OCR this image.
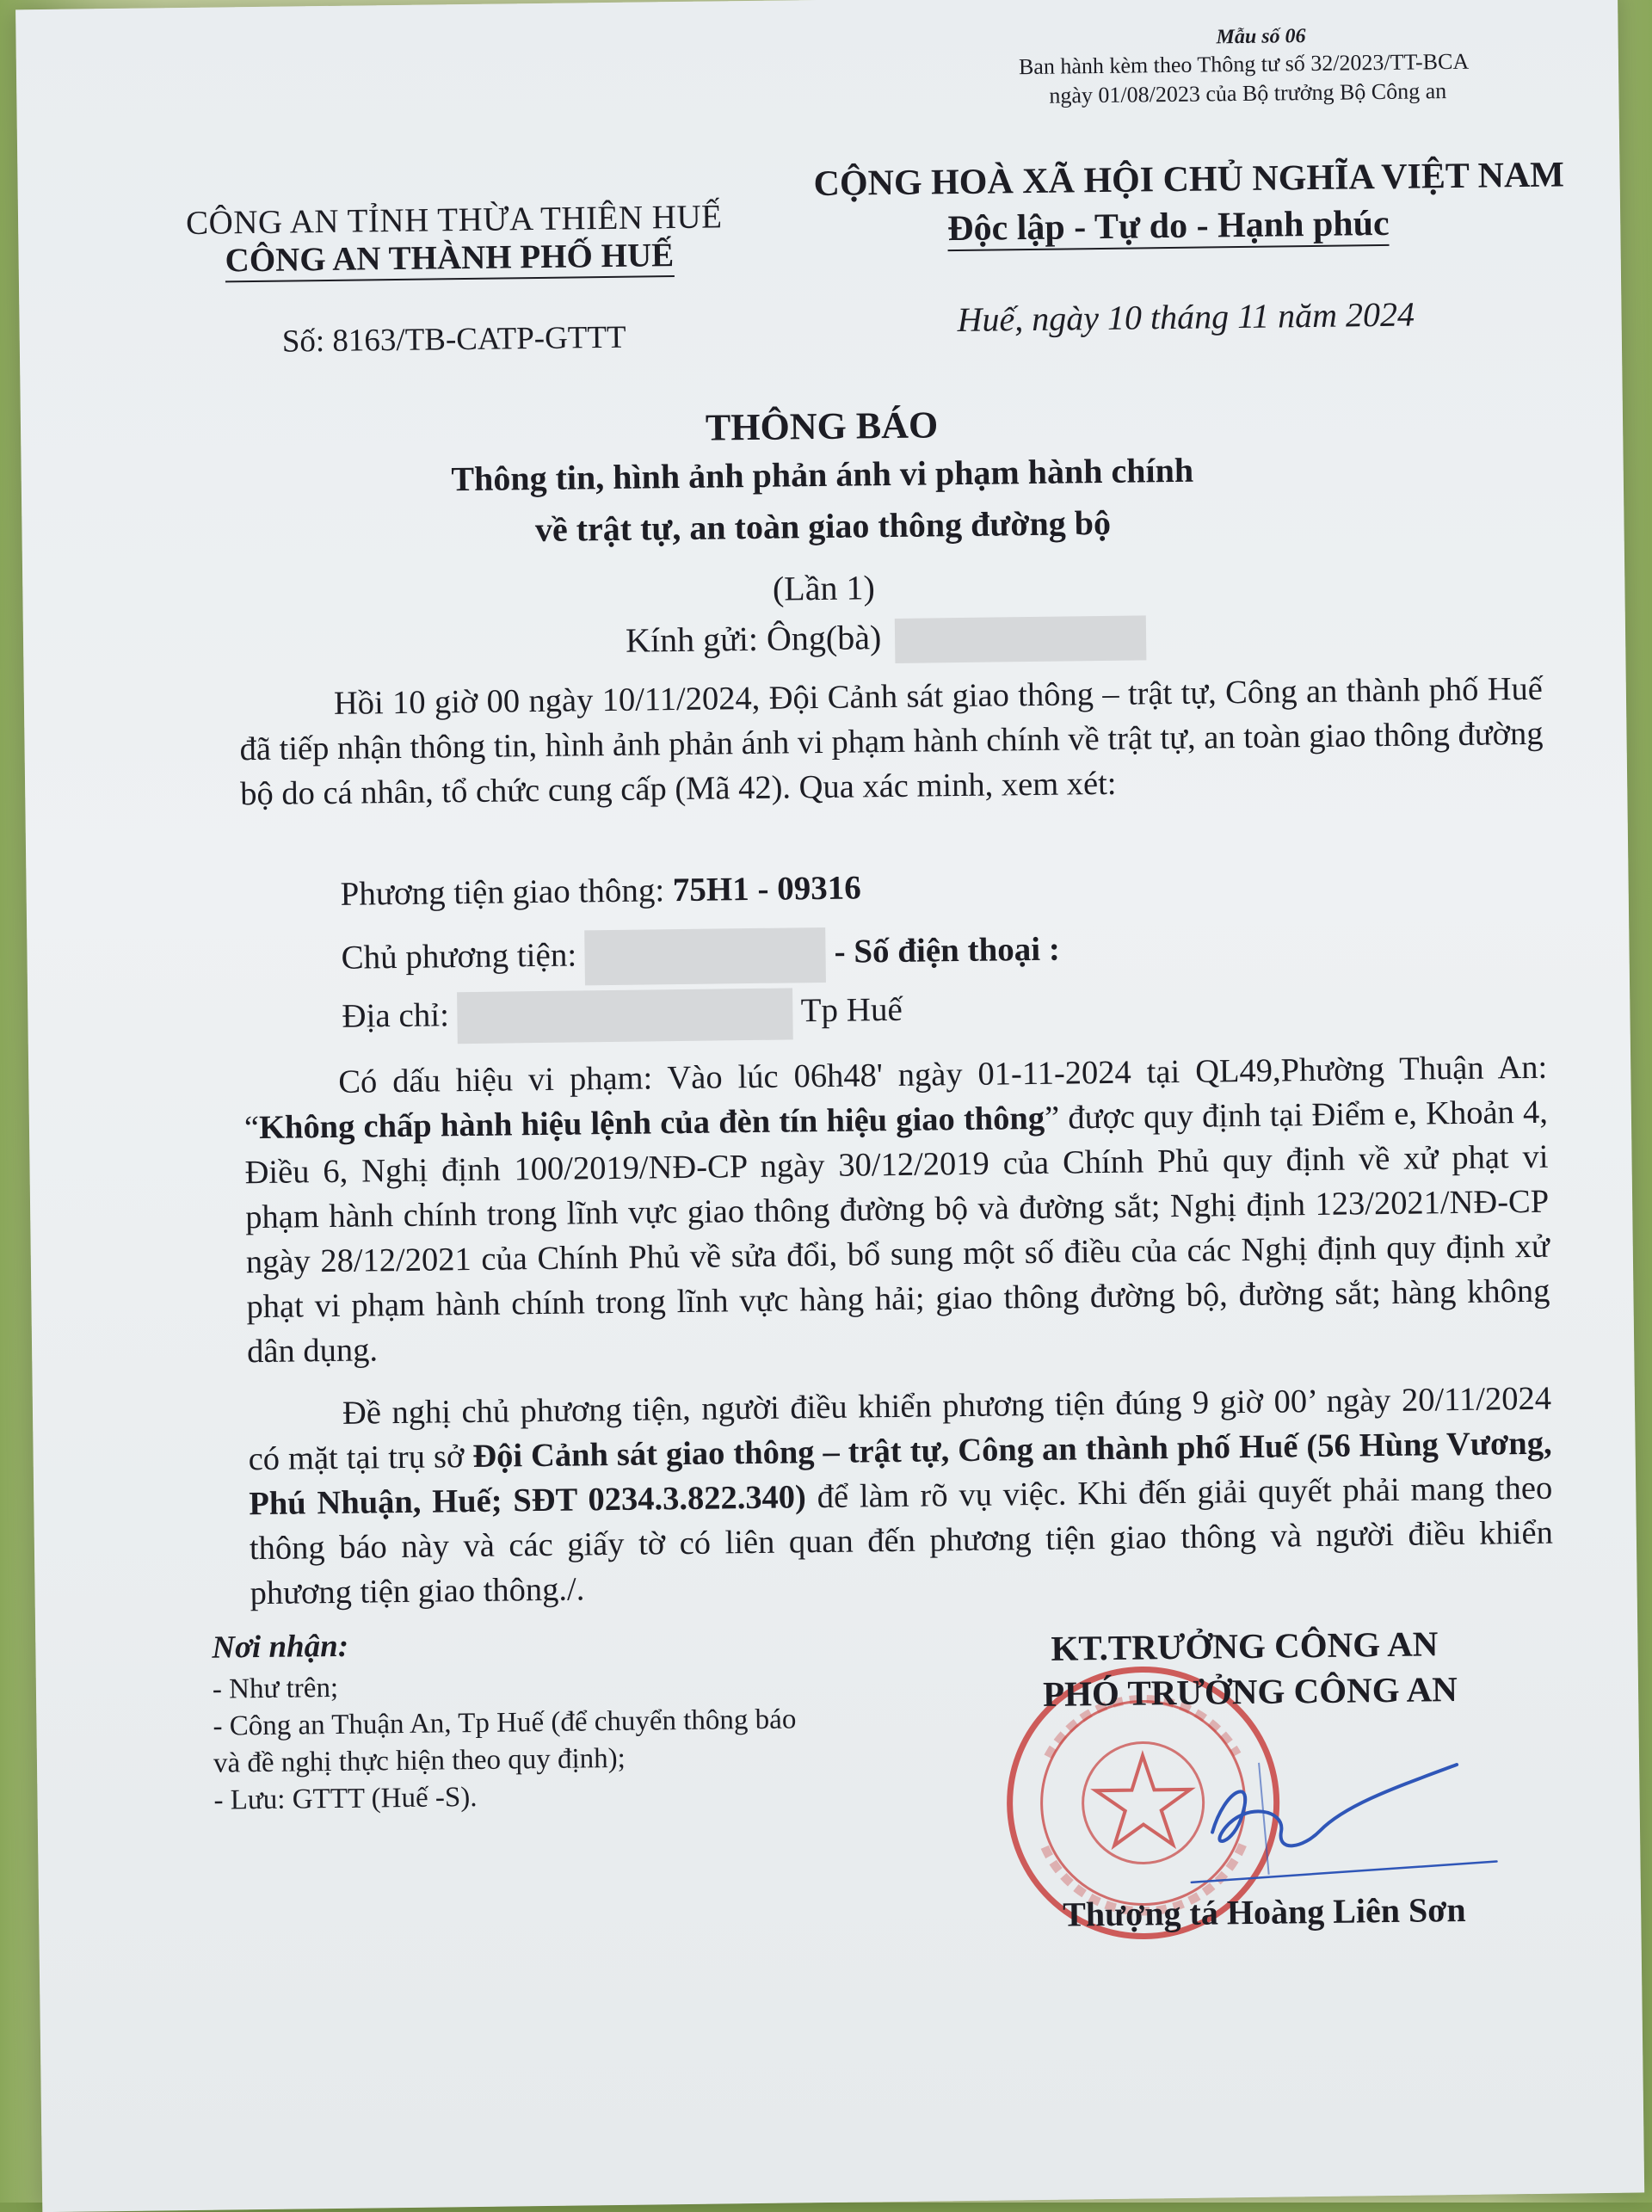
Mẫu số 06
Ban hành kèm theo Thông tư số 32/2023/TT-BCA
ngày 01/08/2023 của Bộ trưởng Bộ Công an
CÔNG AN TỈNH THỪA THIÊN HUẾ
CÔNG AN THÀNH PHỐ HUẾ
CỘNG HOÀ XÃ HỘI CHỦ NGHĨA VIỆT NAM
Độc lập - Tự do - Hạnh phúc
Số: 8163/TB-CATP-GTTT
Huế, ngày 10 tháng 11 năm 2024
THÔNG BÁO
Thông tin, hình ảnh phản ánh vi phạm hành chính
về trật tự, an toàn giao thông đường bộ
(Lần 1)
Kính gửi: Ông(bà)
Hồi 10 giờ 00 ngày 10/11/2024, Đội Cảnh sát giao thông – trật tự, Công an thành phố Huế đã tiếp nhận thông tin, hình ảnh phản ánh vi phạm hành chính về trật tự, an toàn giao thông đường bộ do cá nhân, tổ chức cung cấp (Mã 42). Qua xác minh, xem xét:
Phương tiện giao thông: 75H1 - 09316
Chủ phương tiện:	- Số điện thoại :
Địa chỉ:	Tp Huế
Có dấu hiệu vi phạm: Vào lúc 06h48' ngày 01-11-2024 tại QL49,Phường Thuận An: “Không chấp hành hiệu lệnh của đèn tín hiệu giao thông” được quy định tại Điểm e, Khoản 4, Điều 6, Nghị định 100/2019/NĐ-CP ngày 30/12/2019 của Chính Phủ quy định về xử phạt vi phạm hành chính trong lĩnh vực giao thông đường bộ và đường sắt; Nghị định 123/2021/NĐ-CP ngày 28/12/2021 của Chính Phủ về sửa đổi, bổ sung một số điều của các Nghị định quy định xử phạt vi phạm hành chính trong lĩnh vực hàng hải; giao thông đường bộ, đường sắt; hàng không dân dụng.
Đề nghị chủ phương tiện, người điều khiển phương tiện đúng 9 giờ 00’ ngày 20/11/2024 có mặt tại trụ sở Đội Cảnh sát giao thông – trật tự, Công an thành phố Huế (56 Hùng Vương, Phú Nhuận, Huế; SĐT 0234.3.822.340) để làm rõ vụ việc. Khi đến giải quyết phải mang theo thông báo này và các giấy tờ có liên quan đến phương tiện giao thông và người điều khiển phương tiện giao thông./.
Nơi nhận:
- Như trên;
- Công an Thuận An, Tp Huế (để chuyển thông báo
và đề nghị thực hiện theo quy định);
- Lưu: GTTT (Huế -S).
KT.TRƯỞNG CÔNG AN
PHÓ TRƯỞNG CÔNG AN
Thượng tá Hoàng Liên Sơn
